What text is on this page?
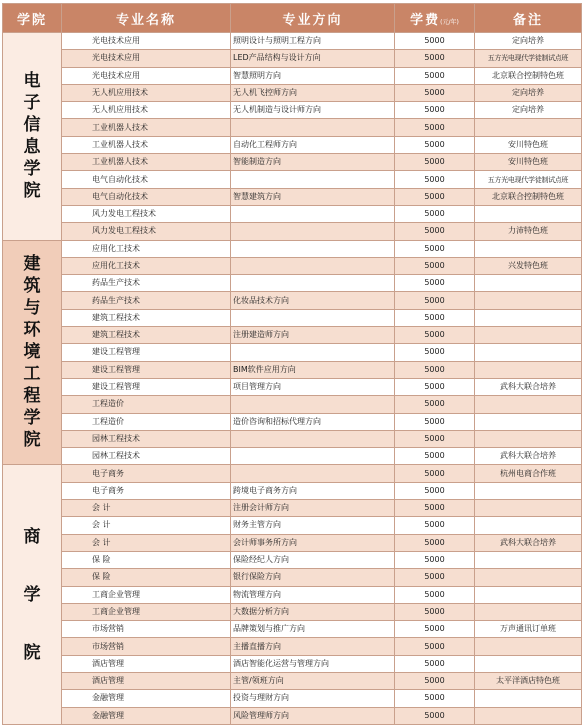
学院	专业名称	专业方向	学费(元/年)	备注
电子信息学院	光电技术应用	照明设计与照明工程方向	5000	定向培养
	光电技术应用	LED产品结构与设计方向	5000	五方光电现代学徒制试点班
	光电技术应用	智慧照明方向	5000	北京联合控制特色班
	无人机应用技术	无人机飞控师方向	5000	定向培养
	无人机应用技术	无人机制造与设计师方向	5000	定向培养
	工业机器人技术		5000	
	工业机器人技术	自动化工程师方向	5000	安川特色班
	工业机器人技术	智能制造方向	5000	安川特色班
	电气自动化技术		5000	五方光电现代学徒制试点班
	电气自动化技术	智慧建筑方向	5000	北京联合控制特色班
	风力发电工程技术		5000	
	风力发电工程技术		5000	力沛特色班
建筑与环境工程学院	应用化工技术		5000	
	应用化工技术		5000	兴发特色班
	药品生产技术		5000	
	药品生产技术	化妆品技术方向	5000	
	建筑工程技术		5000	
	建筑工程技术	注册建造师方向	5000	
	建设工程管理		5000	
	建设工程管理	BIM软件应用方向	5000	
	建设工程管理	项目管理方向	5000	武科大联合培养
	工程造价		5000	
	工程造价	造价咨询和招标代理方向	5000	
	园林工程技术		5000	
	园林工程技术		5000	武科大联合培养
商学院	电子商务		5000	杭州电商合作班
	电子商务	跨境电子商务方向	5000	
	会 计	注册会计师方向	5000	
	会 计	财务主管方向	5000	
	会 计	会计师事务所方向	5000	武科大联合培养
	保 险	保险经纪人方向	5000	
	保 险	银行保险方向	5000	
	工商企业管理	物流管理方向	5000	
	工商企业管理	大数据分析方向	5000	
	市场营销	品牌策划与推广方向	5000	万声通讯订单班
	市场营销	主播直播方向	5000	
	酒店管理	酒店智能化运营与管理方向	5000	
	酒店管理	主管/领班方向	5000	太平洋酒店特色班
	金融管理	投资与理财方向	5000	
	金融管理	风险管理师方向	5000	
